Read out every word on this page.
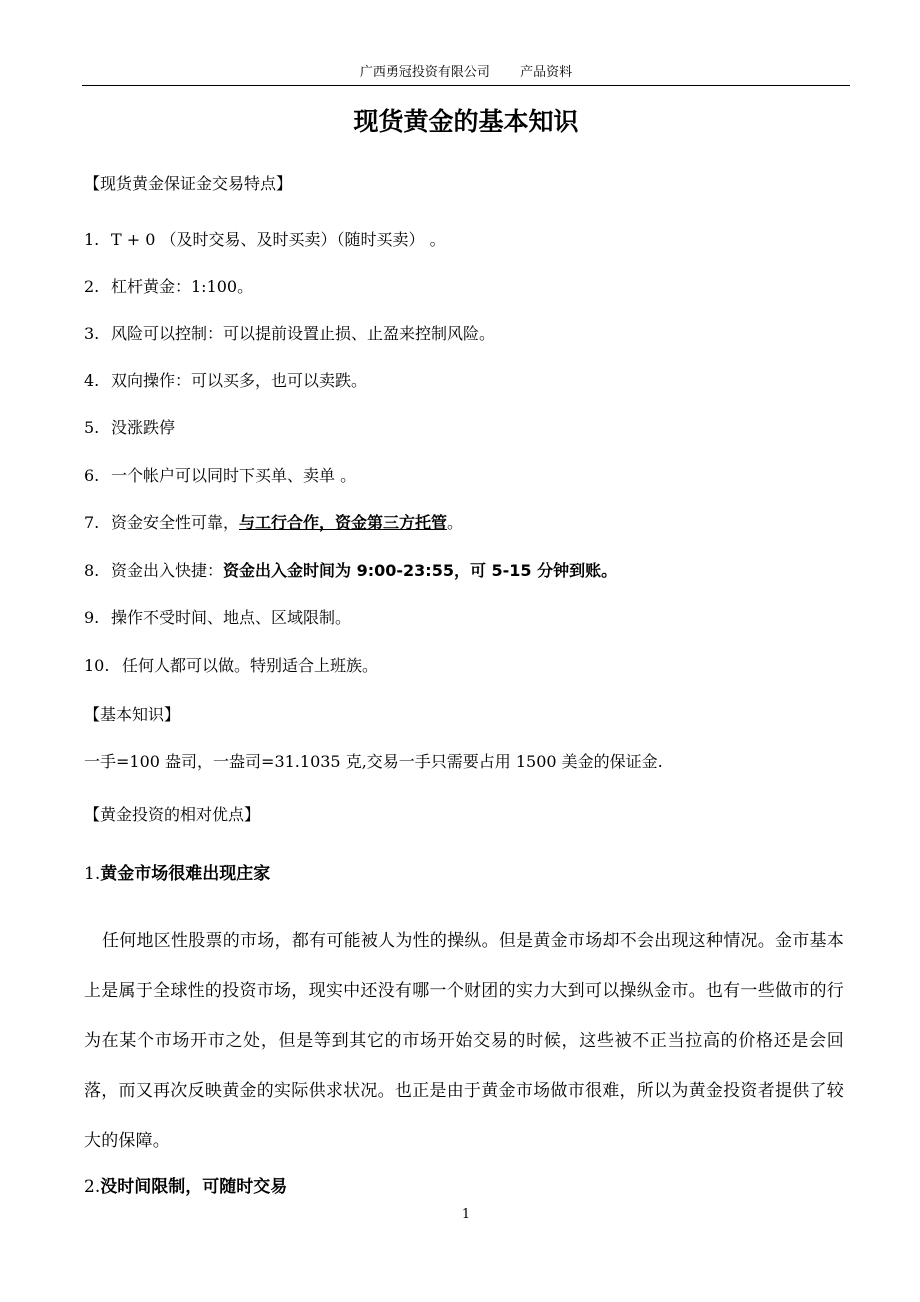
广西勇冠投资有限公司 产品资料
现货黄金的基本知识
【现货黄金保证金交易特点】
1. T + 0 （及时交易、及时买卖）（随时买卖） 。
2. 杠杆黄金：1:100。
3. 风险可以控制：可以提前设置止损、止盈来控制风险。
4. 双向操作：可以买多，也可以卖跌。
5. 没涨跌停
6. 一个帐户可以同时下买单、卖单 。
7. 资金安全性可靠，与工行合作，资金第三方托管。
8. 资金出入快捷：资金出入金时间为 9:00-23:55，可 5-15 分钟到账。
9. 操作不受时间、地点、区域限制。
10. 任何人都可以做。特别适合上班族。
【基本知识】
一手=100 盎司，一盎司=31.1035 克,交易一手只需要占用 1500 美金的保证金.
【黄金投资的相对优点】
1.黄金市场很难出现庄家
任何地区性股票的市场，都有可能被人为性的操纵。但是黄金市场却不会出现这种情况。金市基本上是属于全球性的投资市场，现实中还没有哪一个财团的实力大到可以操纵金市。也有一些做市的行为在某个市场开市之处，但是等到其它的市场开始交易的时候，这些被不正当拉高的价格还是会回落，而又再次反映黄金的实际供求状况。也正是由于黄金市场做市很难，所以为黄金投资者提供了较大的保障。
2.没时间限制，可随时交易
1
